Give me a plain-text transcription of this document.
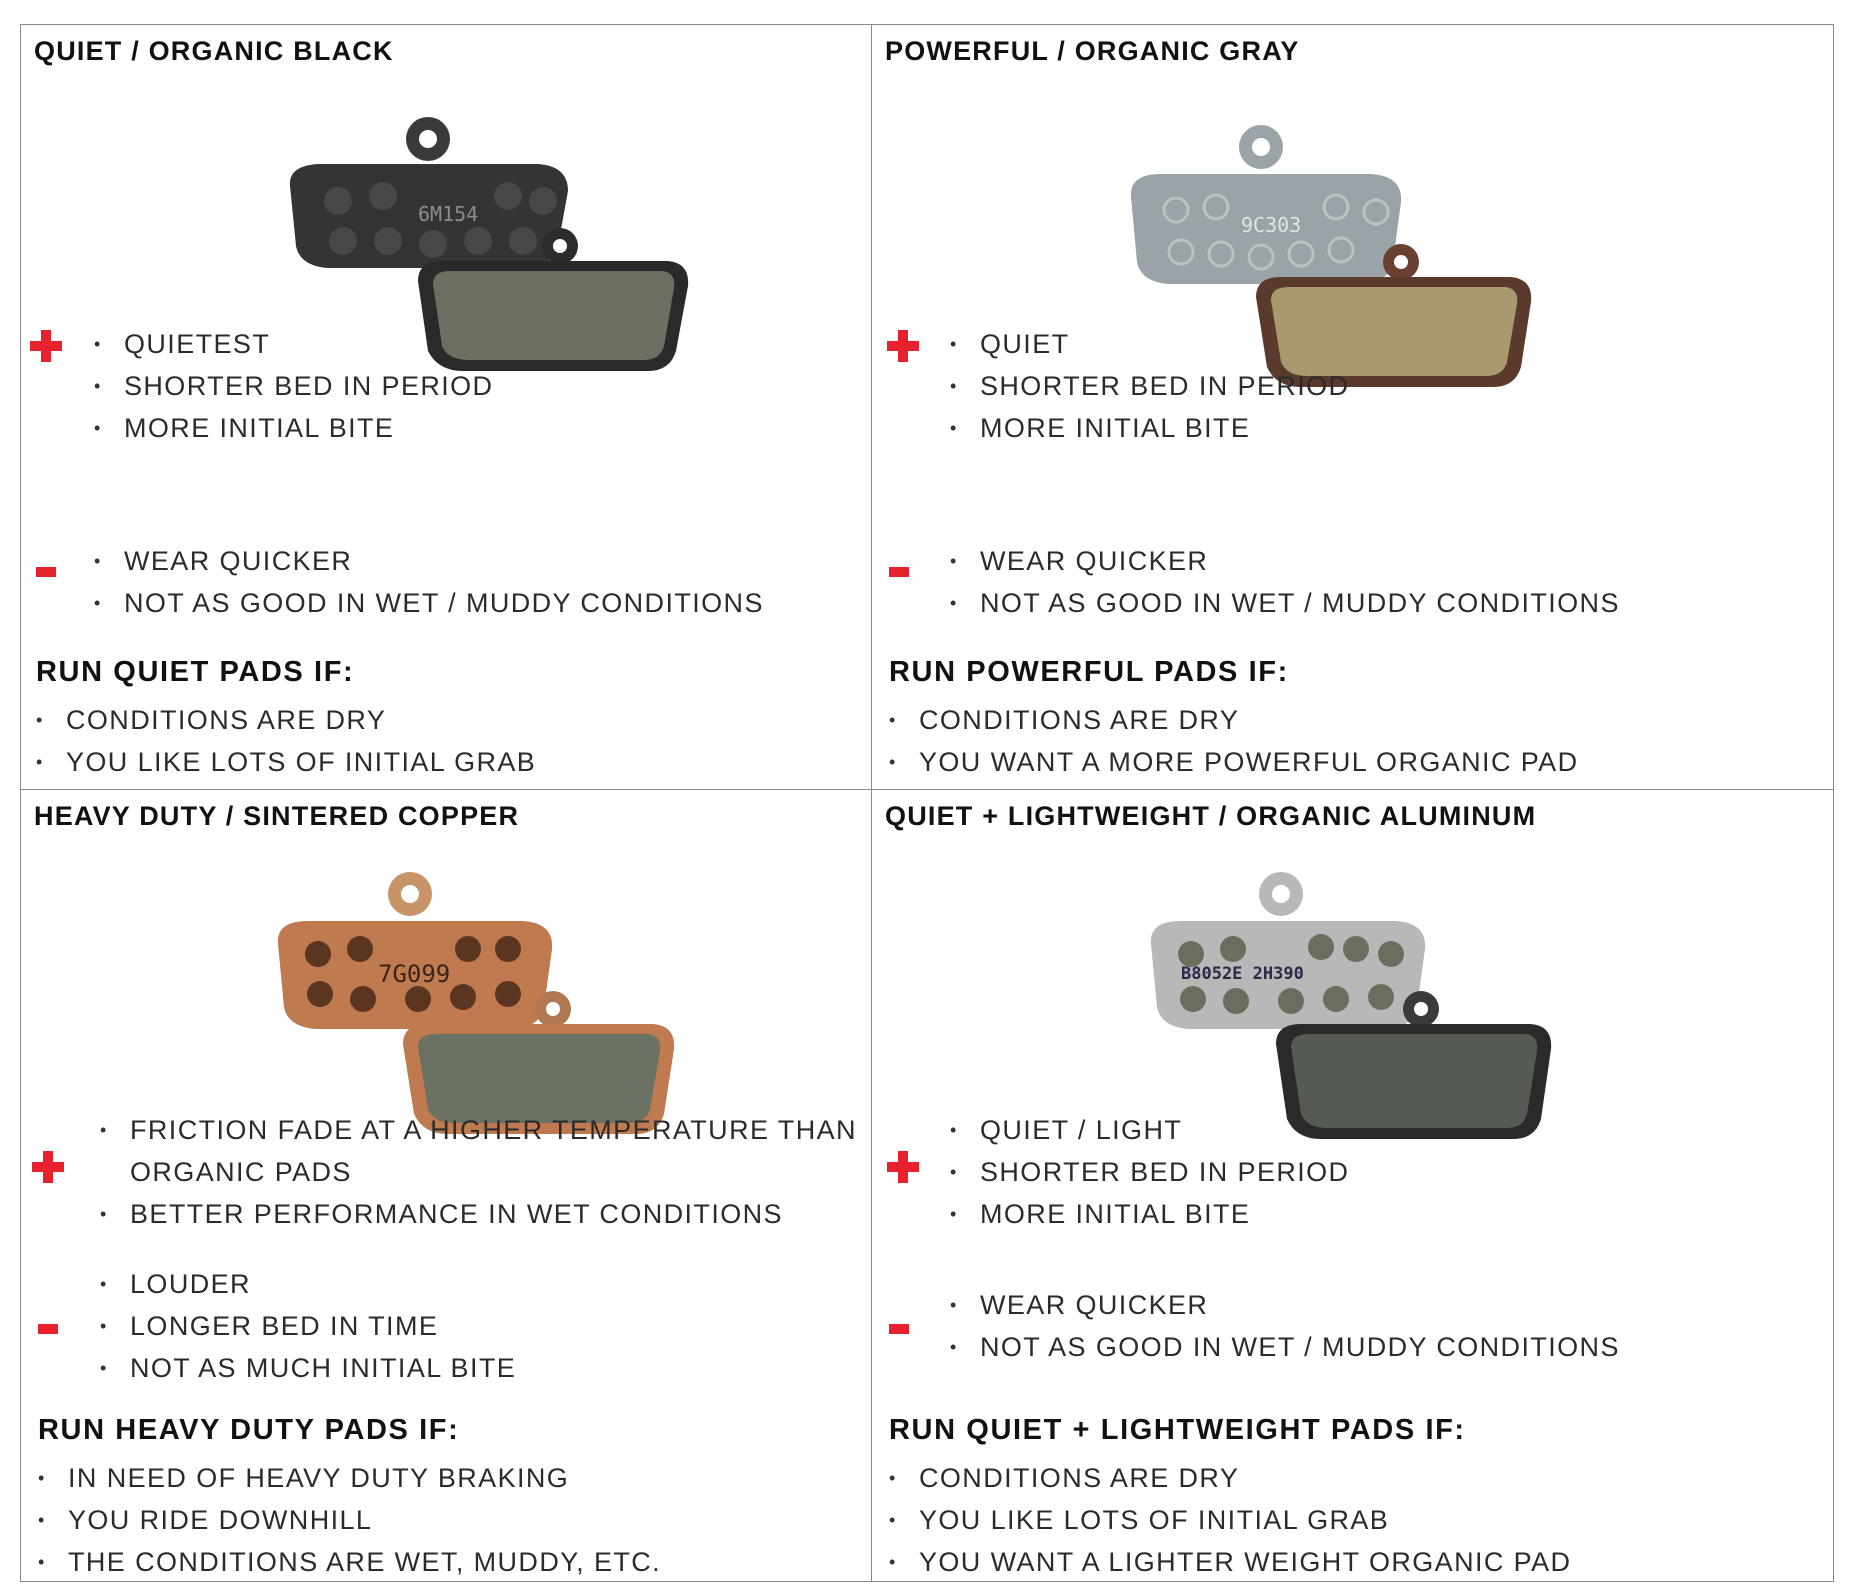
QUIET / ORGANIC BLACK
6M154
• QUIETEST
• SHORTER BED IN PERIOD
• MORE INITIAL BITE
• WEAR QUICKER
• NOT AS GOOD IN WET / MUDDY CONDITIONS
RUN QUIET PADS IF:
• CONDITIONS ARE DRY
• YOU LIKE LOTS OF INITIAL GRAB
POWERFUL / ORGANIC GRAY
9C303
• QUIET
• SHORTER BED IN PERIOD
• MORE INITIAL BITE
• WEAR QUICKER
• NOT AS GOOD IN WET / MUDDY CONDITIONS
RUN POWERFUL PADS IF:
• CONDITIONS ARE DRY
• YOU WANT A MORE POWERFUL ORGANIC PAD
HEAVY DUTY / SINTERED COPPER
7G099
• FRICTION FADE AT A HIGHER TEMPERATURE THAN
ORGANIC PADS
• BETTER PERFORMANCE IN WET CONDITIONS
• LOUDER
• LONGER BED IN TIME
• NOT AS MUCH INITIAL BITE
RUN HEAVY DUTY PADS IF:
• IN NEED OF HEAVY DUTY BRAKING
• YOU RIDE DOWNHILL
• THE CONDITIONS ARE WET, MUDDY, ETC.
QUIET + LIGHTWEIGHT / ORGANIC ALUMINUM
B8052E 2H390
• QUIET / LIGHT
• SHORTER BED IN PERIOD
• MORE INITIAL BITE
• WEAR QUICKER
• NOT AS GOOD IN WET / MUDDY CONDITIONS
RUN QUIET + LIGHTWEIGHT PADS IF:
• CONDITIONS ARE DRY
• YOU LIKE LOTS OF INITIAL GRAB
• YOU WANT A LIGHTER WEIGHT ORGANIC PAD
